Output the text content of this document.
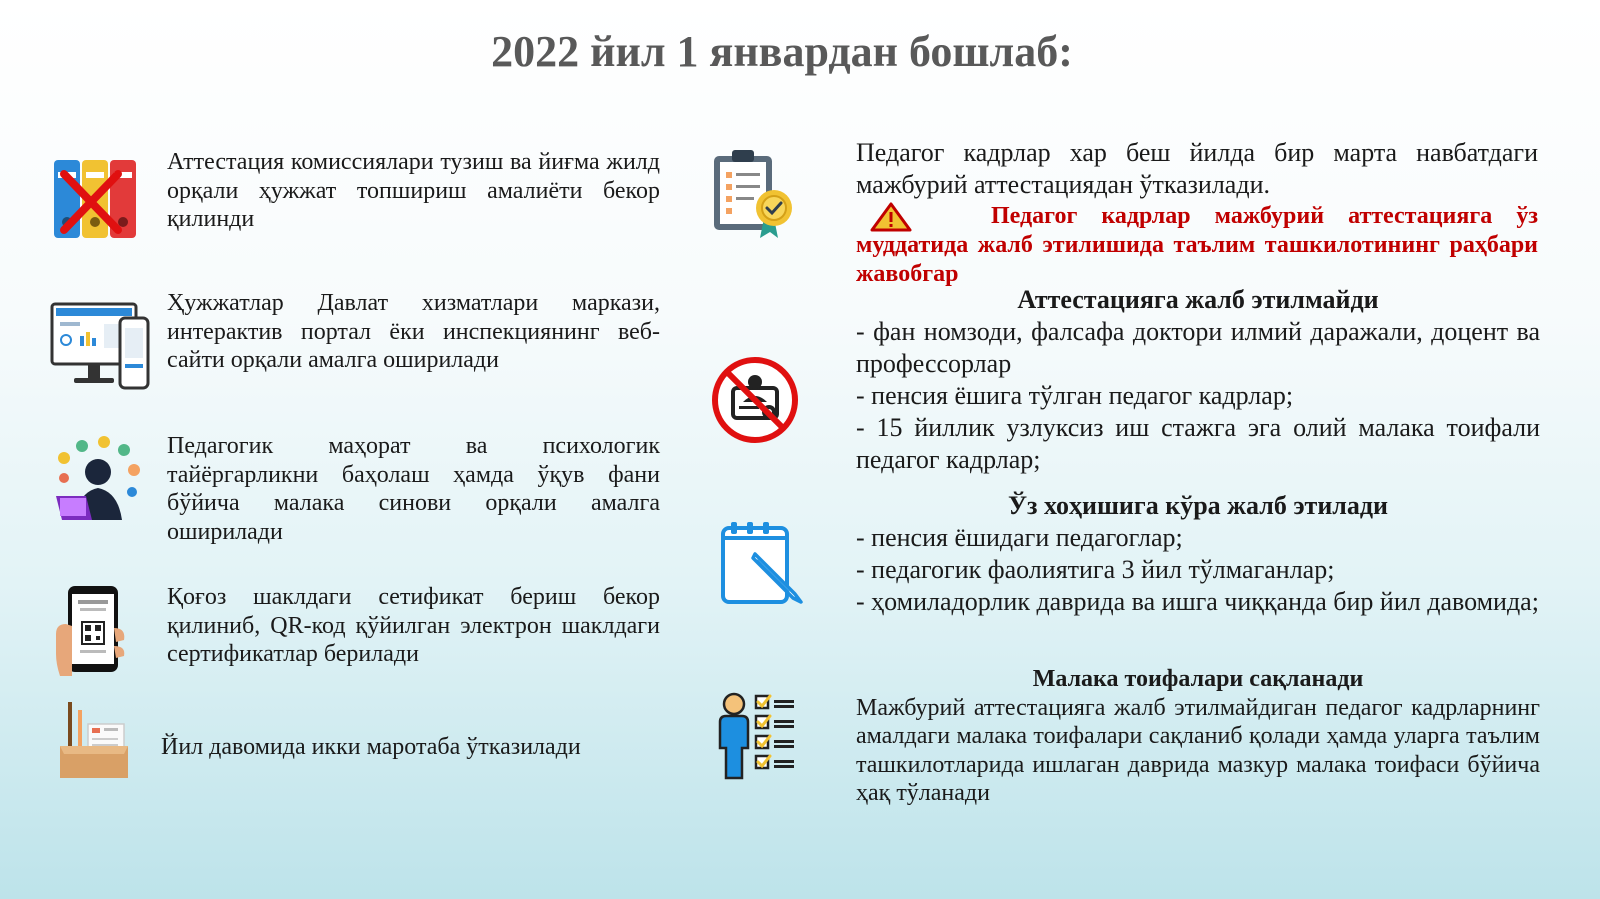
2022 йил 1 январдан бошлаб:

Аттестация комиссиялари тузиш ва йиғма жилд орқали ҳужжат топшириш амалиёти бекор қилинди

Ҳужжатлар Давлат хизматлари маркази, интерактив портал ёки инспекциянинг веб-сайти орқали амалга оширилади

Педагогик маҳорат ва психологик тайёргарликни баҳолаш ҳамда ўқув фани бўйича малака синови орқали амалга оширилади

Қоғоз шаклдаги сетификат бериш бекор қилиниб, QR-код қўйилган электрон шаклдаги сертификатлар берилади

Йил давомида икки маротаба ўтказилади

Педагог кадрлар хар беш йилда бир марта навбатдаги мажбурий аттестациядан ўтказилади.

Педагог кадрлар мажбурий аттестацияга ўз муддатида жалб этилишида таълим ташкилотининг раҳбари жавобгар

Аттестацияга жалб этилмайди

- фан номзоди, фалсафа доктори илмий даражали, доцент ва профессорлар

- пенсия ёшига тўлган педагог кадрлар;

- 15 йиллик узлуксиз иш стажга эга олий малака тоифали педагог кадрлар;

Ўз хоҳишига кўра жалб этилади

- пенсия ёшидаги педагоглар;

- педагогик фаолиятига 3 йил тўлмаганлар;

- ҳомиладорлик даврида ва ишга чиққанда бир йил давомида;

Малака тоифалари сақланади

Мажбурий аттестацияга жалб этилмайдиган педагог кадрларнинг амалдаги малака тоифалари сақланиб қолади ҳамда уларга таълим ташкилотларида ишлаган даврида мазкур малака тоифаси бўйича ҳақ тўланади
